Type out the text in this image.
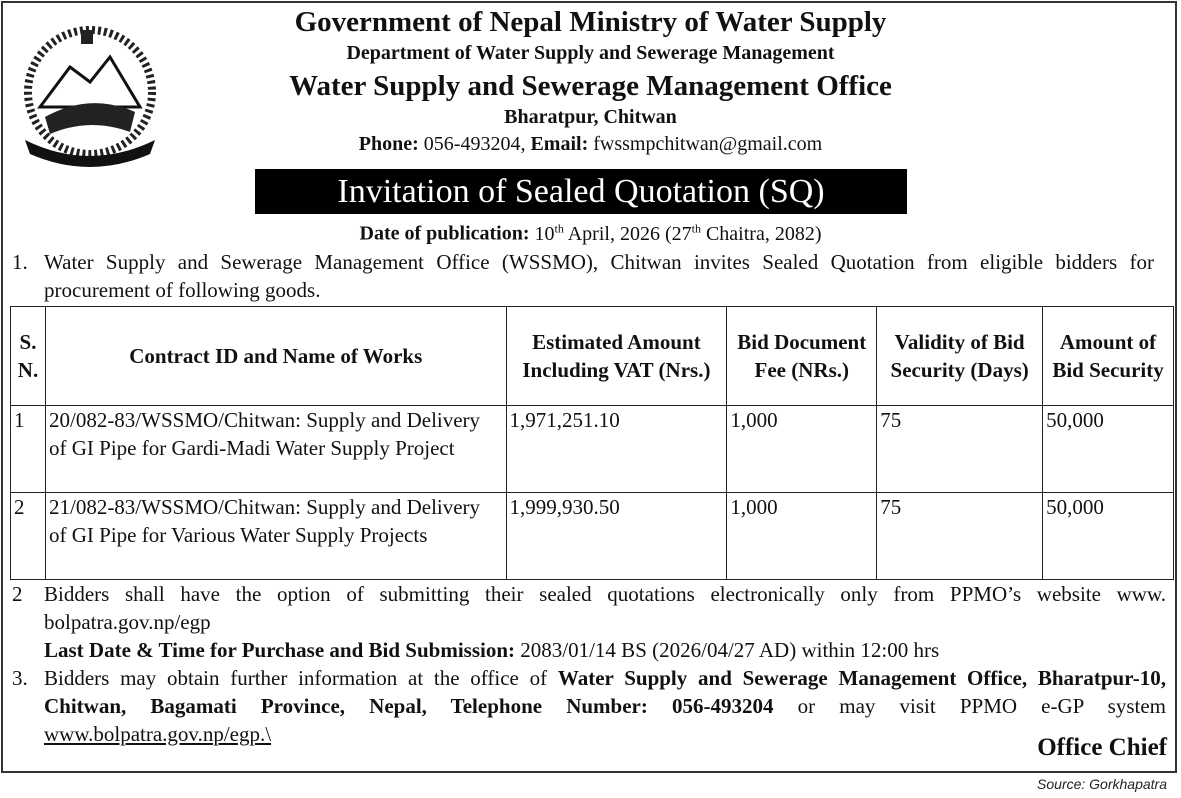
Government of Nepal Ministry of Water Supply
Department of Water Supply and Sewerage Management
Water Supply and Sewerage Management Office
Bharatpur, Chitwan
Phone: 056-493204, Email: fwssmpchitwan@gmail.com
Invitation of Sealed Quotation (SQ)
Date of publication: 10th April, 2026 (27th Chaitra, 2082)
1. Water Supply and Sewerage Management Office (WSSMO), Chitwan invites Sealed Quotation from eligible bidders for procurement of following goods.
S. N.	Contract ID and Name of Works	Estimated Amount Including VAT (Nrs.)	Bid Document Fee (NRs.)	Validity of Bid Security (Days)	Amount of Bid Security
1	20/082-83/WSSMO/Chitwan: Supply and Delivery of GI Pipe for Gardi-Madi Water Supply Project	1,971,251.10	1,000	75	50,000
2	21/082-83/WSSMO/Chitwan: Supply and Delivery of GI Pipe for Various Water Supply Projects	1,999,930.50	1,000	75	50,000
2 Bidders shall have the option of submitting their sealed quotations electronically only from PPMO’s website www. bolpatra.gov.np/egp
Last Date & Time for Purchase and Bid Submission: 2083/01/14 BS (2026/04/27 AD) within 12:00 hrs
3. Bidders may obtain further information at the office of Water Supply and Sewerage Management Office, Bharatpur-10, Chitwan, Bagamati Province, Nepal, Telephone Number: 056-493204 or may visit PPMO e-GP system www.bolpatra.gov.np/egp.\	Office Chief
Source: Gorkhapatra
